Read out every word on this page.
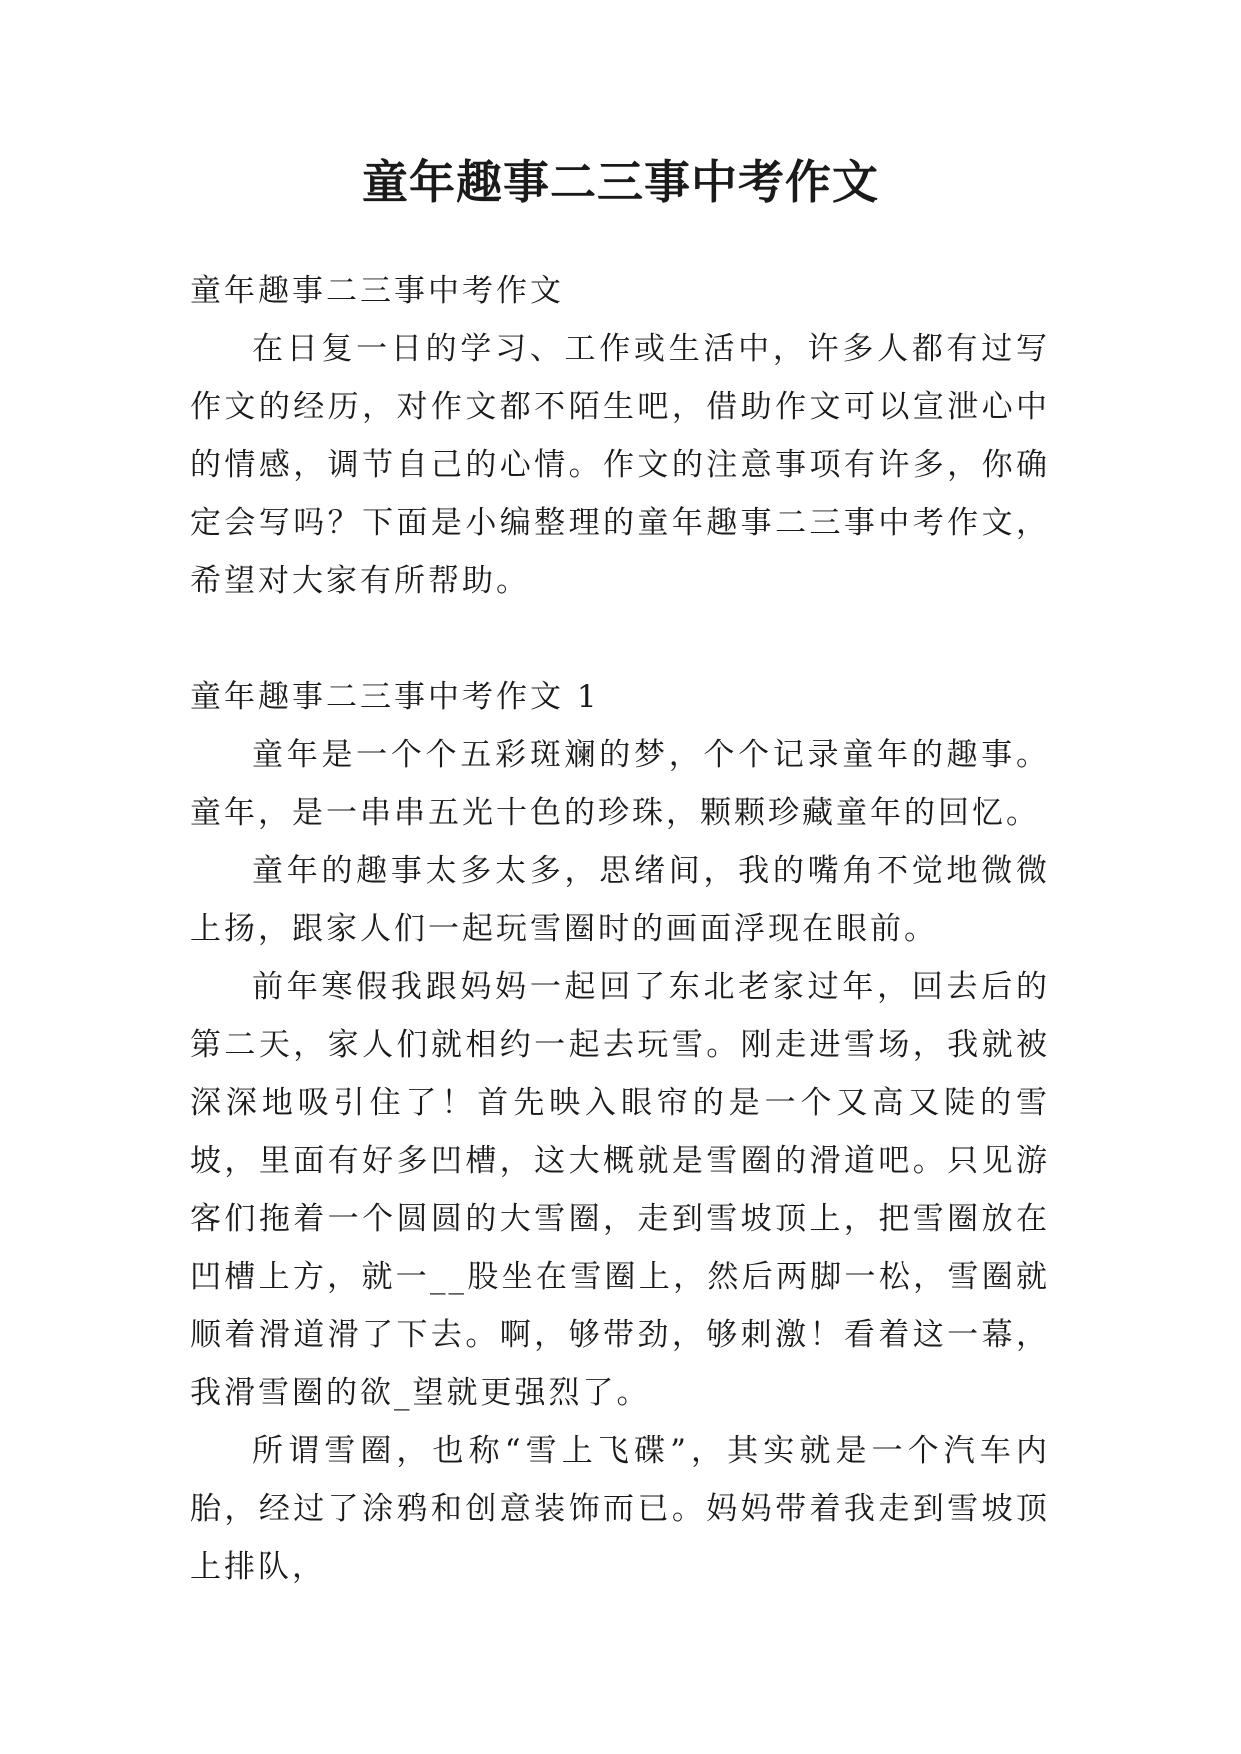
童年趣事二三事中考作文
童年趣事二三事中考作文

在日复一日的学习、工作或生活中，许多人都有过写作文的经历，对作文都不陌生吧，借助作文可以宣泄心中的情感，调节自己的心情。作文的注意事项有许多，你确定会写吗？下面是小编整理的童年趣事二三事中考作文，希望对大家有所帮助。

童年趣事二三事中考作文 1

童年是一个个五彩斑斓的梦，个个记录童年的趣事。童年，是一串串五光十色的珍珠，颗颗珍藏童年的回忆。

童年的趣事太多太多，思绪间，我的嘴角不觉地微微上扬，跟家人们一起玩雪圈时的画面浮现在眼前。

前年寒假我跟妈妈一起回了东北老家过年，回去后的第二天，家人们就相约一起去玩雪。刚走进雪场，我就被深深地吸引住了！首先映入眼帘的是一个又高又陡的雪坡，里面有好多凹槽，这大概就是雪圈的滑道吧。只见游客们拖着一个圆圆的大雪圈，走到雪坡顶上，把雪圈放在凹槽上方，就一__股坐在雪圈上，然后两脚一松，雪圈就顺着滑道滑了下去。啊，够带劲，够刺激！看着这一幕，我滑雪圈的欲_望就更强烈了。

所谓雪圈，也称“雪上飞碟”，其实就是一个汽车内胎，经过了涂鸦和创意装饰而已。妈妈带着我走到雪坡顶上排队，
